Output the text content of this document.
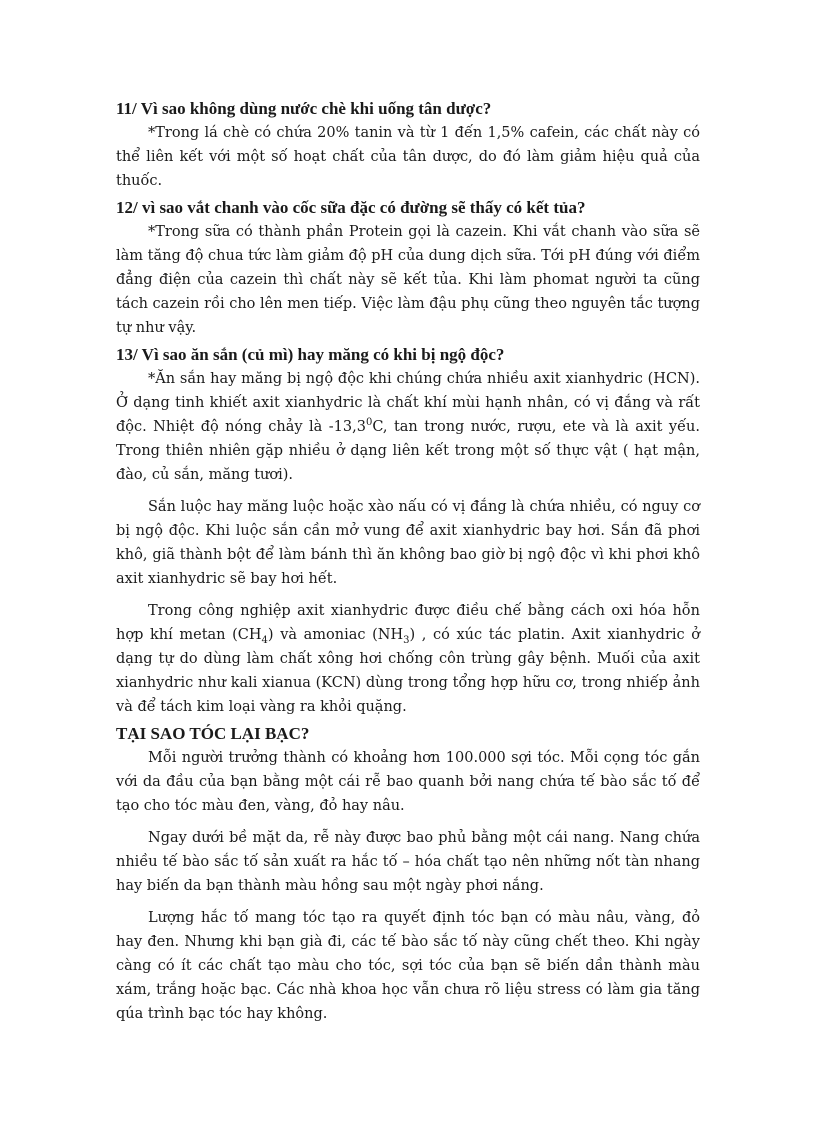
11/ Vì sao không dùng nước chè khi uống tân dược?

*Trong lá chè có chứa 20% tanin và từ 1 đến 1,5% cafein, các chất này có thể liên kết với một số hoạt chất của tân dược, do đó làm giảm hiệu quả của thuốc.

12/ vì sao vắt chanh vào cốc sữa đặc có đường sẽ thấy có kết tủa?

*Trong sữa có thành phần Protein gọi là cazein. Khi vắt chanh vào sữa sẽ làm tăng độ chua tức làm giảm độ pH của dung dịch sữa. Tới pH đúng với điểm đẳng điện của cazein thì chất này sẽ kết tủa. Khi làm phomat người ta cũng tách cazein rồi cho lên men tiếp. Việc làm đậu phụ cũng theo nguyên tắc tượng tự như vậy.

13/ Vì sao ăn sắn (củ mì) hay măng có khi bị ngộ độc?

*Ăn sắn hay măng bị ngộ độc khi chúng chứa nhiều axit xianhydric (HCN). Ở dạng tinh khiết axit xianhydric là chất khí mùi hạnh nhân, có vị đắng và rất độc. Nhiệt độ nóng chảy là -13,3$^0$C, tan trong nước, rượu, ete và là axit yếu. Trong thiên nhiên gặp nhiều ở dạng liên kết trong một số thực vật ( hạt mận, đào, củ sắn, măng tươi).

Sắn luộc hay măng luộc hoặc xào nấu có vị đắng là chứa nhiều, có nguy cơ bị ngộ độc. Khi luộc sắn cần mở vung để axit xianhydric bay hơi. Sắn đã phơi khô, giã thành bột để làm bánh thì ăn không bao giờ bị ngộ độc vì khi phơi khô axit xianhydric sẽ bay hơi hết.

Trong công nghiệp axit xianhydric được điều chế bằng cách oxi hóa hỗn hợp khí metan $(CH_4)$ và amoniac $(NH_3)$ , có xúc tác platin. Axit xianhydric ở dạng tự do dùng làm chất xông hơi chống côn trùng gây bệnh. Muối của axit xianhydric như kali xianua (KCN) dùng trong tổng hợp hữu cơ, trong nhiếp ảnh và để tách kim loại vàng ra khỏi quặng.

TẠI SAO TÓC LẠI BẠC?

Mỗi người trưởng thành có khoảng hơn 100.000 sợi tóc. Mỗi cọng tóc gắn với da đầu của bạn bằng một cái rễ bao quanh bởi nang chứa tế bào sắc tố để tạo cho tóc màu đen, vàng, đỏ hay nâu.

Ngay dưới bề mặt da, rễ này được bao phủ bằng một cái nang. Nang chứa nhiều tế bào sắc tố sản xuất ra hắc tố – hóa chất tạo nên những nốt tàn nhang hay biến da bạn thành màu hồng sau một ngày phơi nắng.

Lượng hắc tố mang tóc tạo ra quyết định tóc bạn có màu nâu, vàng, đỏ hay đen. Nhưng khi bạn già đi, các tế bào sắc tố này cũng chết theo. Khi ngày càng có ít các chất tạo màu cho tóc, sợi tóc của bạn sẽ biến dần thành màu xám, trắng hoặc bạc. Các nhà khoa học vẫn chưa rõ liệu stress có làm gia tăng qúa trình bạc tóc hay không.
